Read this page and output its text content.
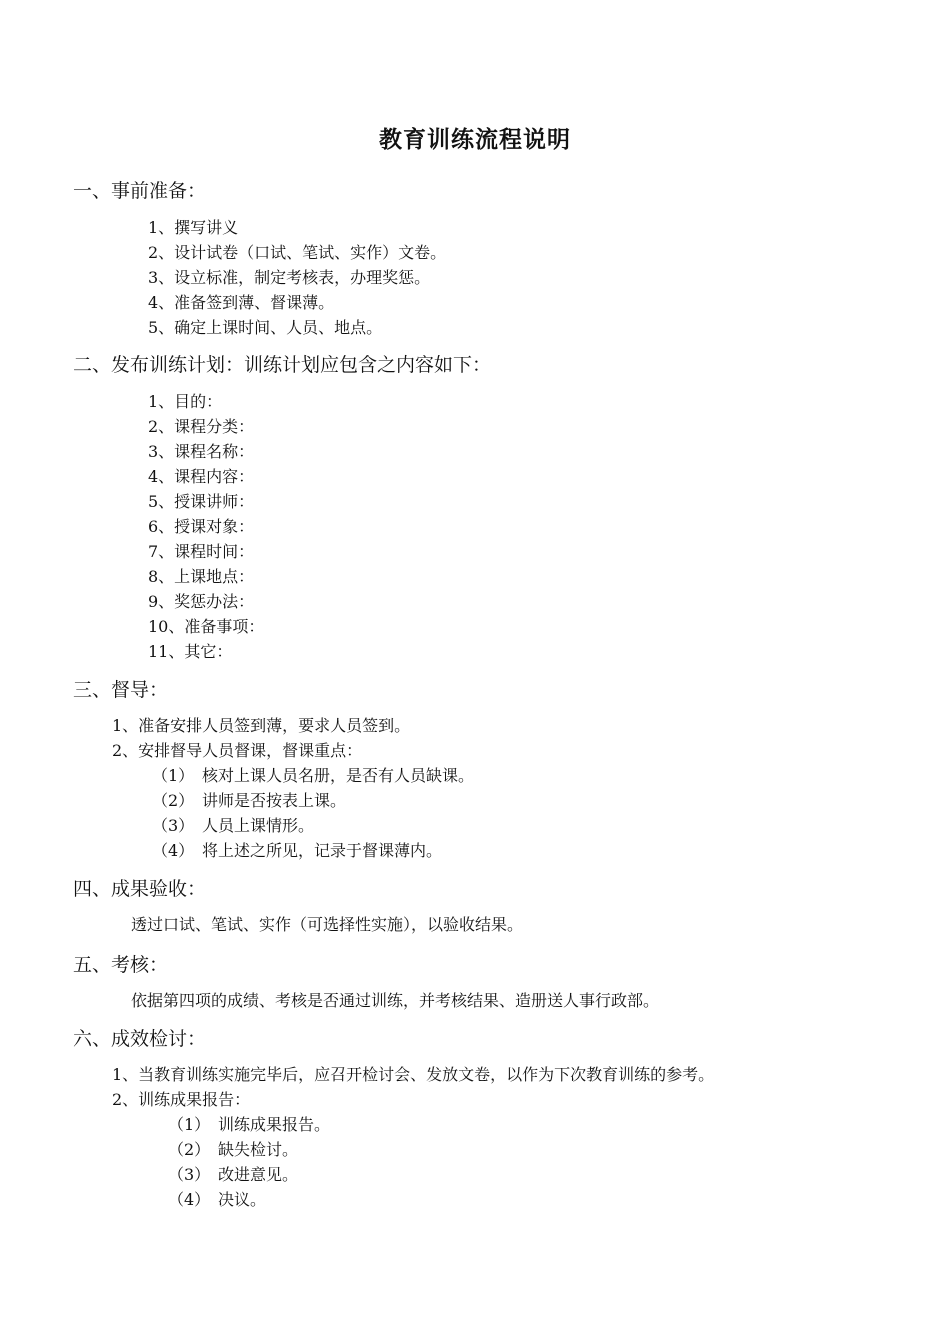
教育训练流程说明
一、事前准备：

1、撰写讲义

2、设计试卷（口试、笔试、实作）文卷。

3、设立标准，制定考核表，办理奖惩。

4、准备签到薄、督课薄。

5、确定上课时间、人员、地点。

二、发布训练计划：训练计划应包含之内容如下：

1、目的：

2、课程分类：

3、课程名称：

4、课程内容：

5、授课讲师：

6、授课对象：

7、课程时间：

8、上课地点：

9、奖惩办法：

10、准备事项：

11、其它：

三、督导：

1、准备安排人员签到薄，要求人员签到。

2、安排督导人员督课，督课重点：

（1） 核对上课人员名册，是否有人员缺课。

（2） 讲师是否按表上课。

（3） 人员上课情形。

（4） 将上述之所见，记录于督课薄内。

四、成果验收：

透过口试、笔试、实作（可选择性实施），以验收结果。

五、考核：

依据第四项的成绩、考核是否通过训练，并考核结果、造册送人事行政部。

六、成效检讨：

1、当教育训练实施完毕后，应召开检讨会、发放文卷，以作为下次教育训练的参考。

2、训练成果报告：

（1） 训练成果报告。

（2） 缺失检讨。

（3） 改进意见。

（4） 决议。
